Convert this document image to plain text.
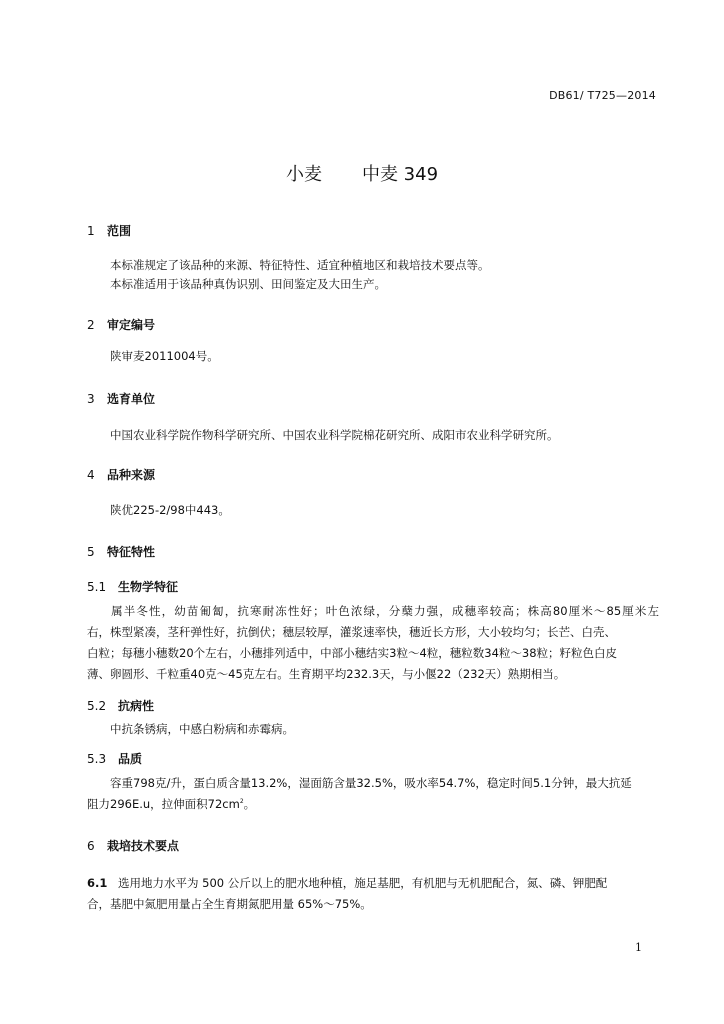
DB61/ T725—2014
小麦 中麦 349
1 范围
本标准规定了该品种的来源、特征特性、适宜种植地区和栽培技术要点等。
本标准适用于该品种真伪识别、田间鉴定及大田生产。
2 审定编号
陕审麦2011004号。
3 选育单位
中国农业科学院作物科学研究所、中国农业科学院棉花研究所、成阳市农业科学研究所。
4 品种来源
陕优225-2/98中443。
5 特征特性
5.1 生物学特征
属半冬性，幼苗匍匐，抗寒耐冻性好；叶色浓绿，分蘖力强，成穗率较高；株高80厘米～85厘米左
右，株型紧凑，茎秆弹性好，抗倒伏；穗层较厚，灌浆速率快，穗近长方形，大小较均匀；长芒、白壳、
白粒；每穗小穗数20个左右，小穗排列适中，中部小穗结实3粒～4粒，穗粒数34粒～38粒；籽粒色白皮
薄、卵圆形、千粒重40克～45克左右。生育期平均232.3天，与小偃22（232天）熟期相当。
5.2 抗病性
中抗条锈病，中感白粉病和赤霉病。
5.3 品质
容重798克/升，蛋白质含量13.2%，湿面筋含量32.5%，吸水率54.7%，稳定时间5.1分钟，最大抗延
阻力296E.u，拉伸面积$72cm^2$。
6 栽培技术要点
6.1 选用地力水平为 500 公斤以上的肥水地种植，施足基肥，有机肥与无机肥配合，氮、磷、钾肥配
合，基肥中氮肥用量占全生育期氮肥用量 65%～75%。
1
